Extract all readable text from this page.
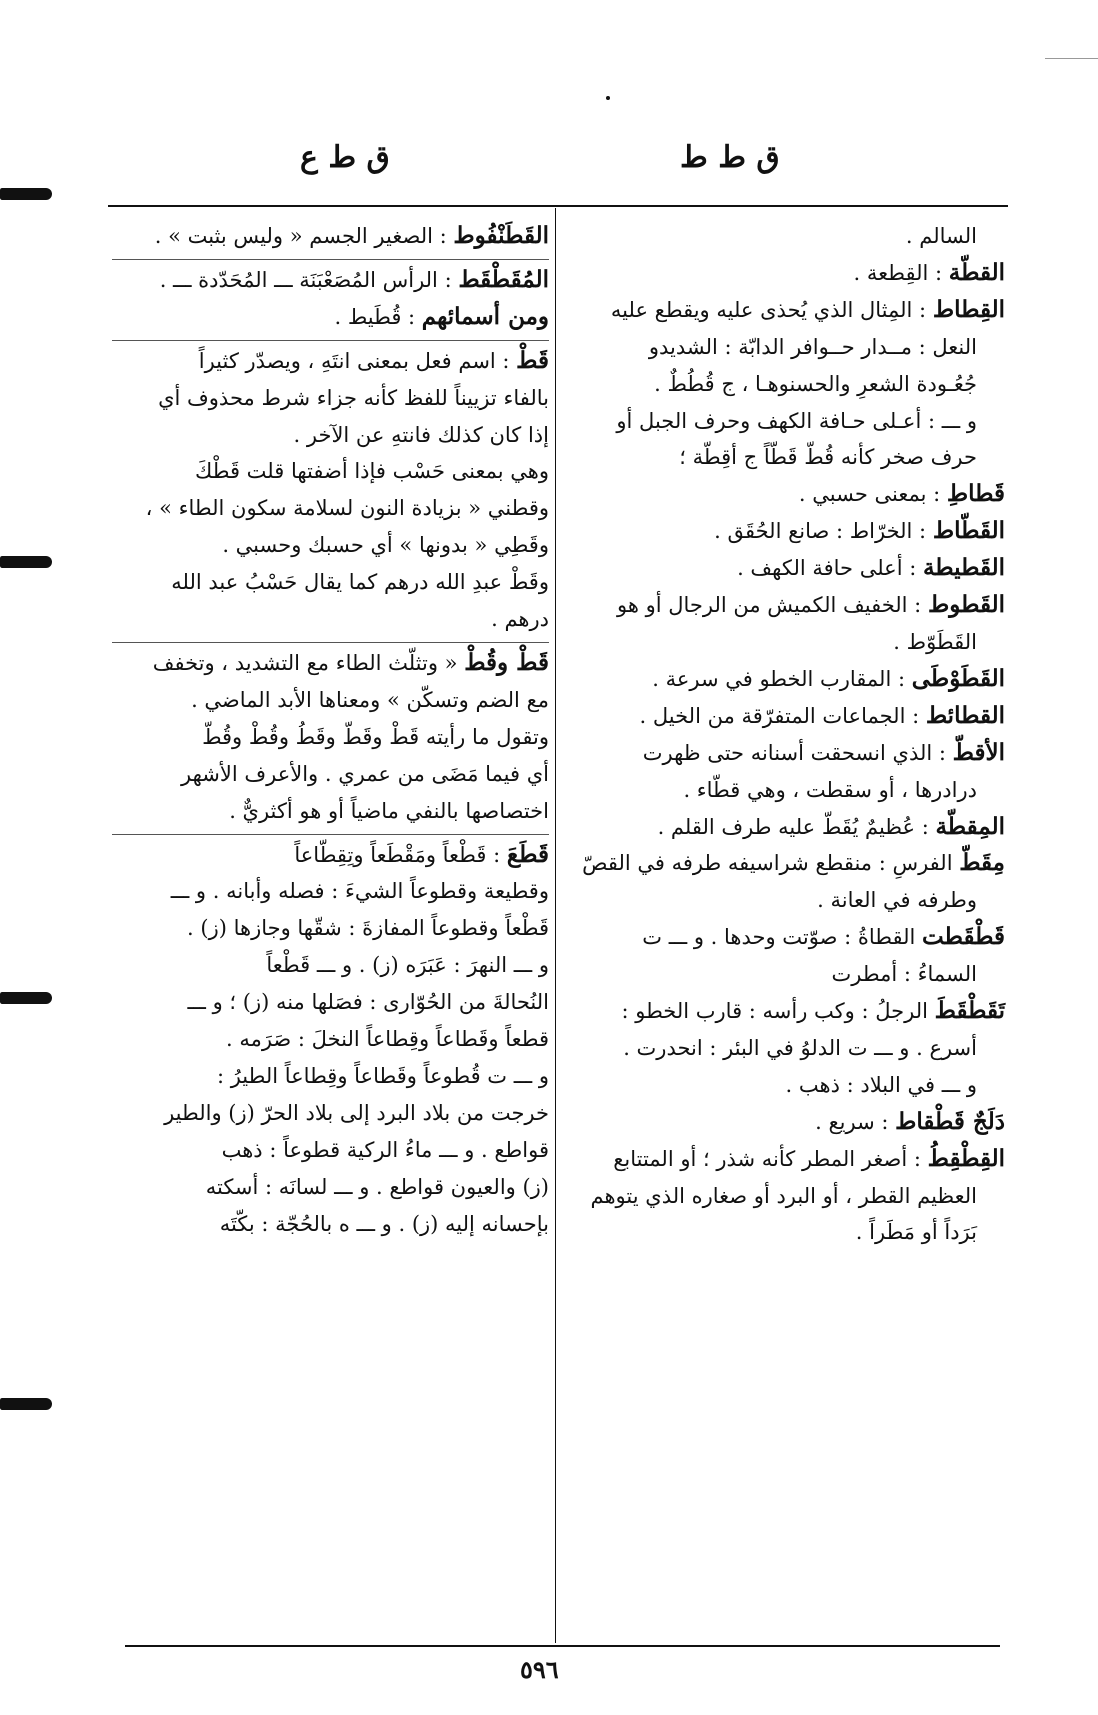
ق ط ط
ق ط ع

السالم .

القطّة : القِطعة .

القِطاط : المِثال الذي يُحذى عليه ويقطع عليه

النعل : مــدار حــوافر الدابّة : الشديدو

جُعُـودة الشعرِ والحسنوهـا ، ج قُطُطٌ .

و ـــ : أعـلى حـافة الكهف وحرف الجبل أو

حرف صخر كأنه قُطّ قَطّاً ج أقِطّة ؛

قَطاطِ : بمعنى حسبي .

القَطّاط : الخرّاط : صانع الحُقَق .

القَطيطة : أعلى حافة الكهف .

القَطوط : الخفيف الكميش من الرجال أو هو

القَطَوّط .

القَطَوْطَى : المقارب الخطو في سرعة .

القطائط : الجماعات المتفرّقة من الخيل .

الأقطّ : الذي انسحقت أسنانه حتى ظهرت

درادرها ، أو سقطت ، وهي قطّاء .

المِقطّة : عُظيمٌ يُقَطّ عليه طرف القلم .

مِقَطّ الفرسِ : منقطع شراسيفه طرفه في القصّ

وطرفه في العانة .

قَطْقَطت القطاةُ : صوّتت وحدها . و ـــ ت

السماءُ : أمطرت

تَقَطْقَطَ الرجلُ : وكب رأسه : قارب الخطو :

أسرع . و ـــ ت الدلوُ في البئر : انحدرت .

و ـــ في البلاد : ذهب .

دَلَجٌ قَطْقاط : سريع .

القِطْقِطُ : أصغر المطر كأنه شذر ؛ أو المتتابع

العظيم القطر ، أو البرد أو صغاره الذي يتوهم

بَرَداً أو مَطَراً .

القَطَنْفُوط : الصغير الجسم « وليس بثبت » .

المُقَطْقَط : الرأس المُصَعْبَنَة ـــ المُحَدّدة ـــ .

ومن أسمائهم : قُطَيط .

قَطْ : اسم فعل بمعنى انتَهِ ، ويصدّر كثيراً

بالفاء تزييناً للفظ كأنه جزاء شرط محذوف أي

إذا كان كذلك فانتهِ عن الآخر .

وهي بمعنى حَسْب فإذا أضفتها قلت قَطْكَ

وقطني « بزيادة النون لسلامة سكون الطاء » ،

وقَطِي « بدونها » أي حسبك وحسبي .

وقَطْ عبدِ الله درهم كما يقال حَسْبُ عبد الله

درهم .

قَطْ وقُطْ « وتثلّث الطاء مع التشديد ، وتخفف

مع الضم وتسكّن » ومعناها الأبد الماضي .

وتقول ما رأيته قَطْ وقَطّ وقَطُ وقُطْ وقُطّ

أي فيما مَضَى من عمري . والأعرف الأشهر

اختصاصها بالنفي ماضياً أو هو أكثريٌّ .

قَطَعَ : قَطْعاً ومَقْطَعاً وتِقِطّاعاً

وقطيعة وقطوعاً الشيءَ : فصله وأبانه . و ـــ

قَطْعاً وقطوعاً المفازةَ : شقّها وجازها (ز) .

و ـــ النهرَ : عَبَرَه (ز) . و ـــ قَطْعاً

النُحالةَ من الحُوّارى : فصَلها منه (ز) ؛ و ـــ

قطعاً وقَطاعاً وقِطاعاً النخلَ : صَرَمه .

و ـــ ت قُطوعاً وقَطاعاً وقِطاعاً الطيرُ :

خرجت من بلاد البرد إلى بلاد الحرّ (ز) والطير

قواطع . و ـــ ماءُ الركية قطوعاً : ذهب

(ز) والعيون قواطع . و ـــ لسانَه : أسكته

بإحسانه إليه (ز) . و ـــ ه بالحُجّة : بكّتَه

٥٩٦
